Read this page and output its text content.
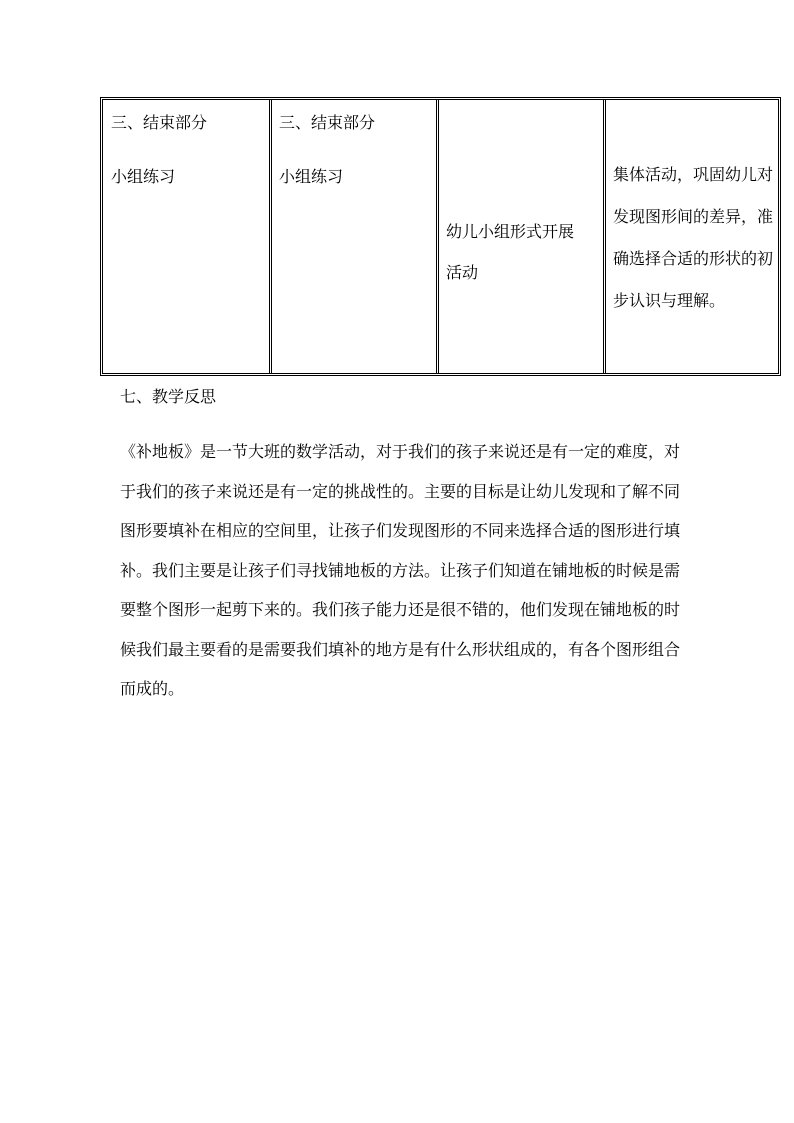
三、结束部分
小组练习
三、结束部分
小组练习
幼儿小组形式开展
活动
集体活动，巩固幼儿对发现图形间的差异，准确选择合适的形状的初步认识与理解。
七、教学反思

《补地板》是一节大班的数学活动，对于我们的孩子来说还是有一定的难度，对于我们的孩子来说还是有一定的挑战性的。主要的目标是让幼儿发现和了解不同图形要填补在相应的空间里，让孩子们发现图形的不同来选择合适的图形进行填补。我们主要是让孩子们寻找铺地板的方法。让孩子们知道在铺地板的时候是需要整个图形一起剪下来的。我们孩子能力还是很不错的，他们发现在铺地板的时候我们最主要看的是需要我们填补的地方是有什么形状组成的，有各个图形组合而成的。
